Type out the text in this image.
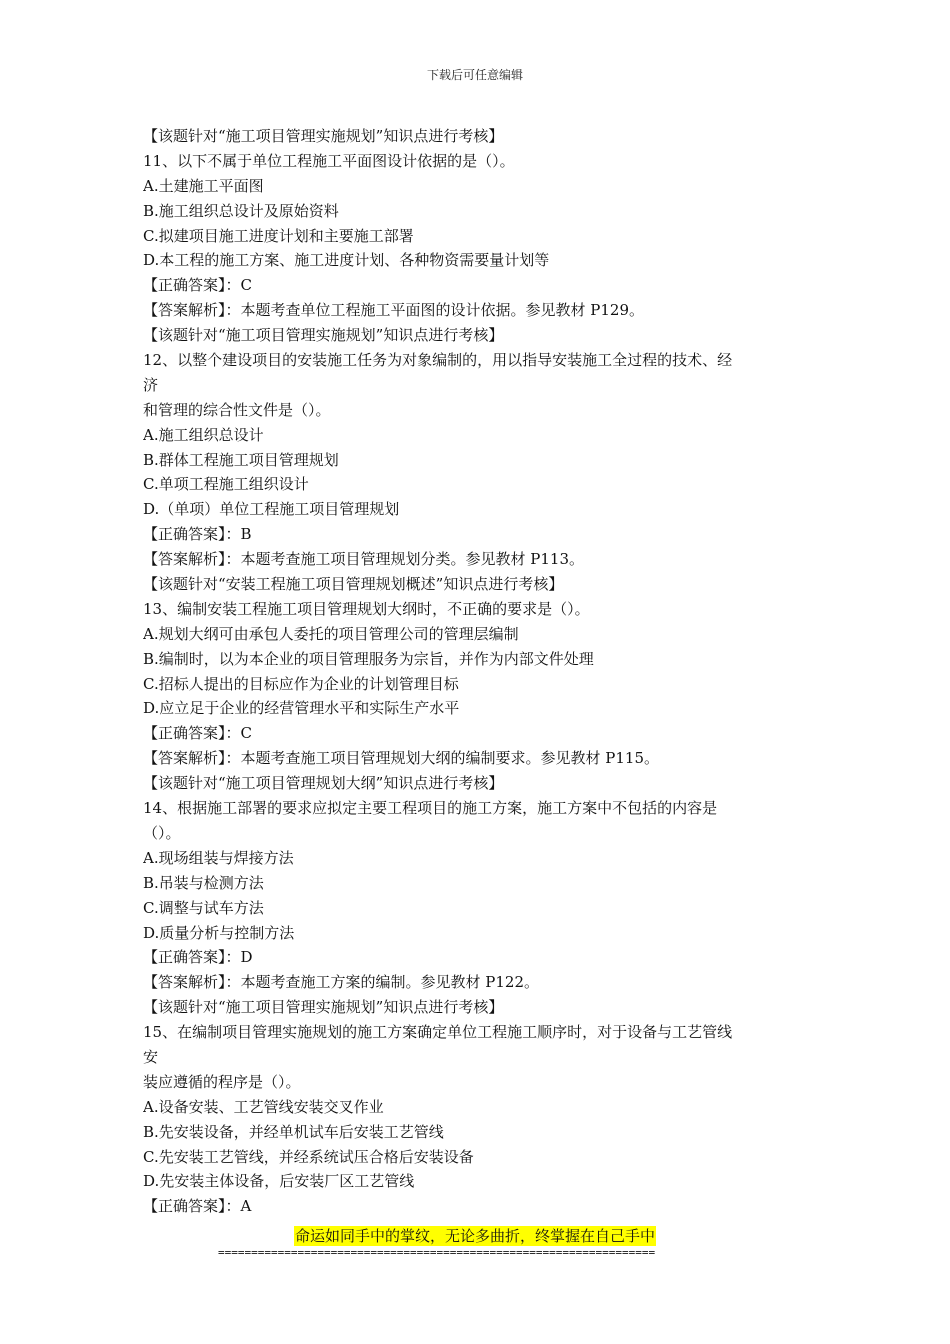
下载后可任意编辑
【该题针对“施工项目管理实施规划”知识点进行考核】
11、以下不属于单位工程施工平面图设计依据的是（）。
A.土建施工平面图
B.施工组织总设计及原始资料
C.拟建项目施工进度计划和主要施工部署
D.本工程的施工方案、施工进度计划、各种物资需要量计划等
【正确答案】：C
【答案解析】：本题考查单位工程施工平面图的设计依据。参见教材 P129。
【该题针对“施工项目管理实施规划”知识点进行考核】
12、以整个建设项目的安装施工任务为对象编制的，用以指导安装施工全过程的技术、经
济
和管理的综合性文件是（）。
A.施工组织总设计
B.群体工程施工项目管理规划
C.单项工程施工组织设计
D.（单项）单位工程施工项目管理规划
【正确答案】：B
【答案解析】：本题考查施工项目管理规划分类。参见教材 P113。
【该题针对“安装工程施工项目管理规划概述”知识点进行考核】
13、编制安装工程施工项目管理规划大纲时，不正确的要求是（）。
A.规划大纲可由承包人委托的项目管理公司的管理层编制
B.编制时，以为本企业的项目管理服务为宗旨，并作为内部文件处理
C.招标人提出的目标应作为企业的计划管理目标
D.应立足于企业的经营管理水平和实际生产水平
【正确答案】：C
【答案解析】：本题考查施工项目管理规划大纲的编制要求。参见教材 P115。
【该题针对“施工项目管理规划大纲”知识点进行考核】
14、根据施工部署的要求应拟定主要工程项目的施工方案，施工方案中不包括的内容是
（）。
A.现场组装与焊接方法
B.吊装与检测方法
C.调整与试车方法
D.质量分析与控制方法
【正确答案】：D
【答案解析】：本题考查施工方案的编制。参见教材 P122。
【该题针对“施工项目管理实施规划”知识点进行考核】
15、在编制项目管理实施规划的施工方案确定单位工程施工顺序时，对于设备与工艺管线
安
装应遵循的程序是（）。
A.设备安装、工艺管线安装交叉作业
B.先安装设备，并经单机试车后安装工艺管线
C.先安装工艺管线，并经系统试压合格后安装设备
D.先安装主体设备，后安装厂区工艺管线
【正确答案】：A
命运如同手中的掌纹，无论多曲折，终掌握在自己手中
==================================================================
